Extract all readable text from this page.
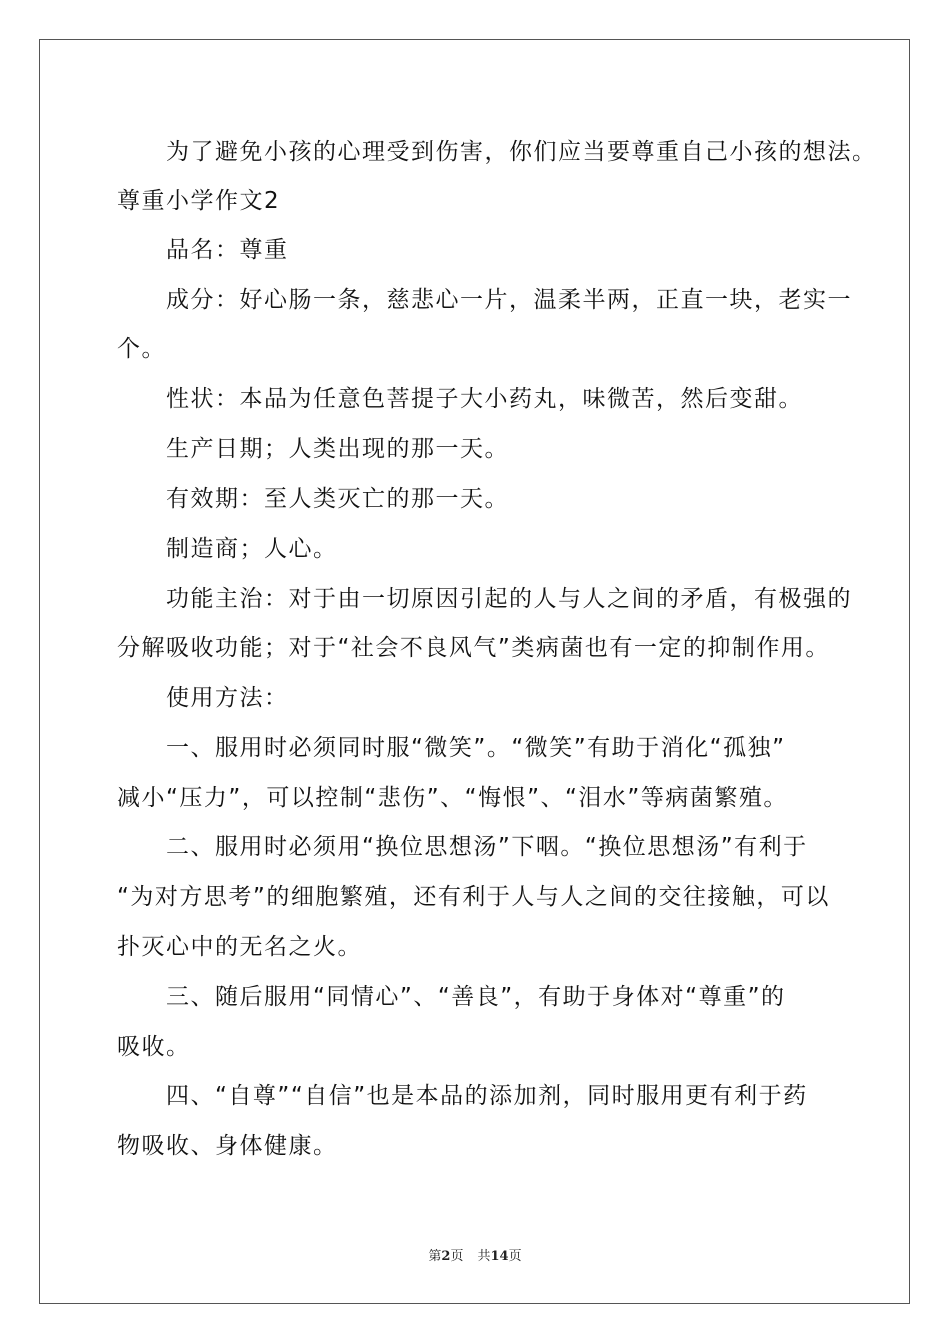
　　为了避免小孩的心理受到伤害，你们应当要尊重自己小孩的想法。
尊重小学作文2
　　品名：尊重
　　成分：好心肠一条，慈悲心一片，温柔半两，正直一块，老实一
个。
　　性状：本品为任意色菩提子大小药丸，味微苦，然后变甜。
　　生产日期；人类出现的那一天。
　　有效期：至人类灭亡的那一天。
　　制造商；人心。
　　功能主治：对于由一切原因引起的人与人之间的矛盾，有极强的
分解吸收功能；对于“社会不良风气”类病菌也有一定的抑制作用。
　　使用方法：
　　一、服用时必须同时服“微笑”。“微笑”有助于消化“孤独”
减小“压力”，可以控制“悲伤”、“悔恨”、“泪水”等病菌繁殖。
　　二、服用时必须用“换位思想汤”下咽。“换位思想汤”有利于
“为对方思考”的细胞繁殖，还有利于人与人之间的交往接触，可以
扑灭心中的无名之火。
　　三、随后服用“同情心”、“善良”，有助于身体对“尊重”的
吸收。
　　四、“自尊”“自信”也是本品的添加剂，同时服用更有利于药
物吸收、身体健康。
第2页 共14页
